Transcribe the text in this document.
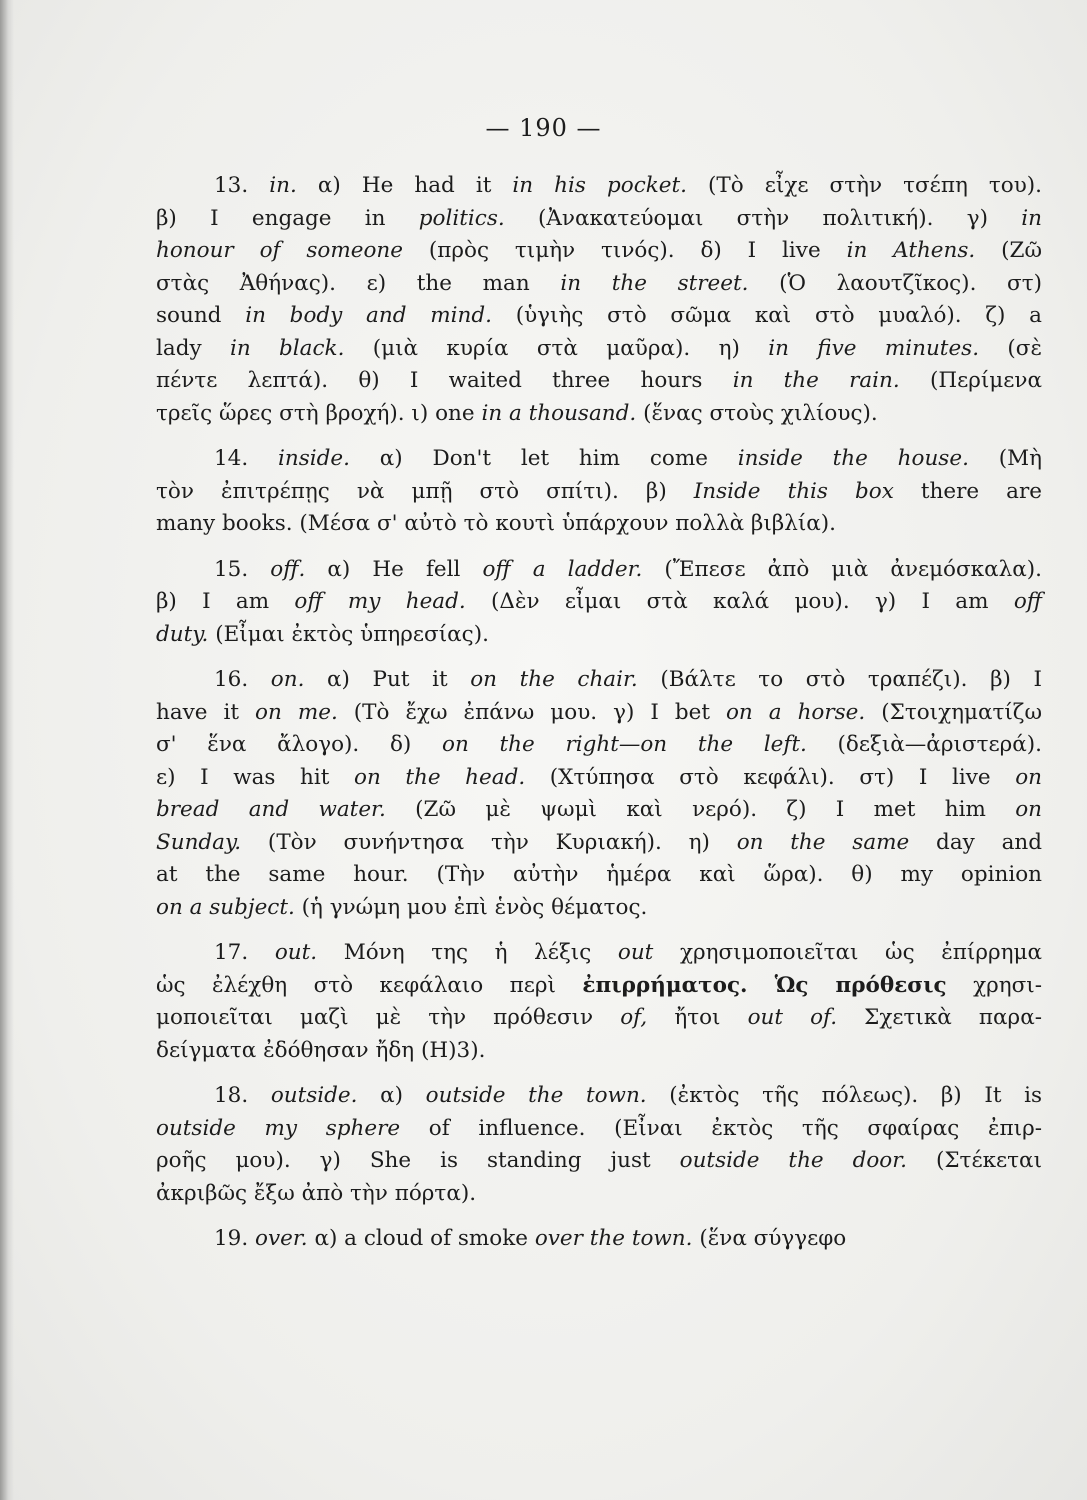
— 190 —

13. in. α) He had it in his pocket. (Τὸ εἶχε στὴν τσέπη του).
β) I engage in politics. (Ἀνακατεύομαι στὴν πολιτική). γ) in
honour of someone (πρὸς τιμὴν τινός). δ) I live in Athens. (Ζῶ
στὰς Ἀθήνας). ε) the man in the street. (Ὁ λαουτζῖκος). στ)
sound in body and mind. (ὑγιὴς στὸ σῶμα καὶ στὸ μυαλό). ζ) a
lady in black. (μιὰ κυρία στὰ μαῦρα). η) in five minutes. (σὲ
πέντε λεπτά). θ) I waited three hours in the rain. (Περίμενα
τρεῖς ὥρες στὴ βροχή). ι) one in a thousand. (ἕνας στοὺς χιλίους).

14. inside. α) Don't let him come inside the house. (Μὴ
τὸν ἐπιτρέπῃς νὰ μπῇ στὸ σπίτι). β) Inside this box there are
many books. (Μέσα σ' αὐτὸ τὸ κουτὶ ὑπάρχουν πολλὰ βιβλία).

15. off. α) He fell off a ladder. (Ἔπεσε ἀπὸ μιὰ ἀνεμόσκαλα).
β) I am off my head. (Δὲν εἶμαι στὰ καλά μου). γ) I am off
duty. (Εἶμαι ἐκτὸς ὑπηρεσίας).

16. on. α) Put it on the chair. (Βάλτε το στὸ τραπέζι). β) I
have it on me. (Τὸ ἔχω ἐπάνω μου. γ) I bet on a horse. (Στοιχηματίζω
σ' ἕνα ἄλογο). δ) on the right—on the left. (δεξιὰ—ἀριστερά).
ε) I was hit on the head. (Χτύπησα στὸ κεφάλι). στ) I live on
bread and water. (Ζῶ μὲ ψωμὶ καὶ νερό). ζ) I met him on
Sunday. (Τὸν συνήντησα τὴν Κυριακή). η) on the same day and
at the same hour. (Τὴν αὐτὴν ἡμέρα καὶ ὥρα). θ) my opinion
on a subject. (ἡ γνώμη μου ἐπὶ ἑνὸς θέματος.

17. out. Μόνη της ἡ λέξις out χρησιμοποιεῖται ὡς ἐπίρρημα
ὡς ἐλέχθη στὸ κεφάλαιο περὶ ἐπιρρήματος. Ὡς πρόθεσις χρησι-
μοποιεῖται μαζὶ μὲ τὴν πρόθεσιν of, ἤτοι out of. Σχετικὰ παρα-
δείγματα ἐδόθησαν ἤδη (Η)3).

18. outside. α) outside the town. (ἐκτὸς τῆς πόλεως). β) It is
outside my sphere of influence. (Εἶναι ἐκτὸς τῆς σφαίρας ἐπιρ-
ροῆς μου). γ) She is standing just outside the door. (Στέκεται
ἀκριβῶς ἔξω ἀπὸ τὴν πόρτα).

19. over. α) a cloud of smoke over the town. (ἕνα σύγγεφο
